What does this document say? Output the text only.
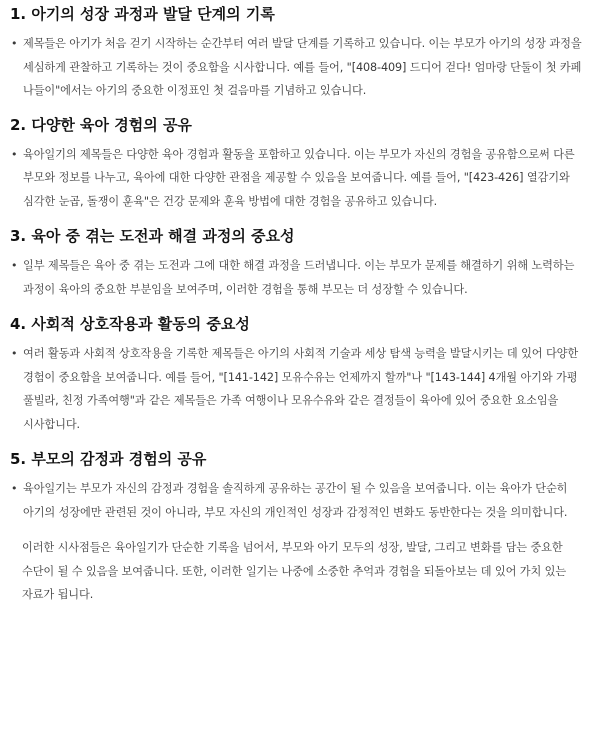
1. 아기의 성장 과정과 발달 단계의 기록
• 제목들은 아기가 처음 걷기 시작하는 순간부터 여러 발달 단계를 기록하고 있습니다. 이는 부모가 아기의 성장 과정을 세심하게 관찰하고 기록하는 것이 중요함을 시사합니다. 예를 들어, "[408-409] 드디어 걷다! 엄마랑 단둘이 첫 카페 나들이"에서는 아기의 중요한 이정표인 첫 걸음마를 기념하고 있습니다.

2. 다양한 육아 경험의 공유
• 육아일기의 제목들은 다양한 육아 경험과 활동을 포함하고 있습니다. 이는 부모가 자신의 경험을 공유함으로써 다른 부모와 정보를 나누고, 육아에 대한 다양한 관점을 제공할 수 있음을 보여줍니다. 예를 들어, "[423-426] 열감기와 심각한 눈곱, 돌쟁이 훈육"은 건강 문제와 훈육 방법에 대한 경험을 공유하고 있습니다.

3. 육아 중 겪는 도전과 해결 과정의 중요성
• 일부 제목들은 육아 중 겪는 도전과 그에 대한 해결 과정을 드러냅니다. 이는 부모가 문제를 해결하기 위해 노력하는 과정이 육아의 중요한 부분임을 보여주며, 이러한 경험을 통해 부모는 더 성장할 수 있습니다.

4. 사회적 상호작용과 활동의 중요성
• 여러 활동과 사회적 상호작용을 기록한 제목들은 아기의 사회적 기술과 세상 탐색 능력을 발달시키는 데 있어 다양한 경험이 중요함을 보여줍니다. 예를 들어, "[141-142] 모유수유는 언제까지 할까"나 "[143-144] 4개월 아기와 가평 풀빌라, 친정 가족여행"과 같은 제목들은 가족 여행이나 모유수유와 같은 결정들이 육아에 있어 중요한 요소임을 시사합니다.

5. 부모의 감정과 경험의 공유
• 육아일기는 부모가 자신의 감정과 경험을 솔직하게 공유하는 공간이 될 수 있음을 보여줍니다. 이는 육아가 단순히 아기의 성장에만 관련된 것이 아니라, 부모 자신의 개인적인 성장과 감정적인 변화도 동반한다는 것을 의미합니다.

이러한 시사점들은 육아일기가 단순한 기록을 넘어서, 부모와 아기 모두의 성장, 발달, 그리고 변화를 담는 중요한 수단이 될 수 있음을 보여줍니다. 또한, 이러한 일기는 나중에 소중한 추억과 경험을 되돌아보는 데 있어 가치 있는 자료가 됩니다.
